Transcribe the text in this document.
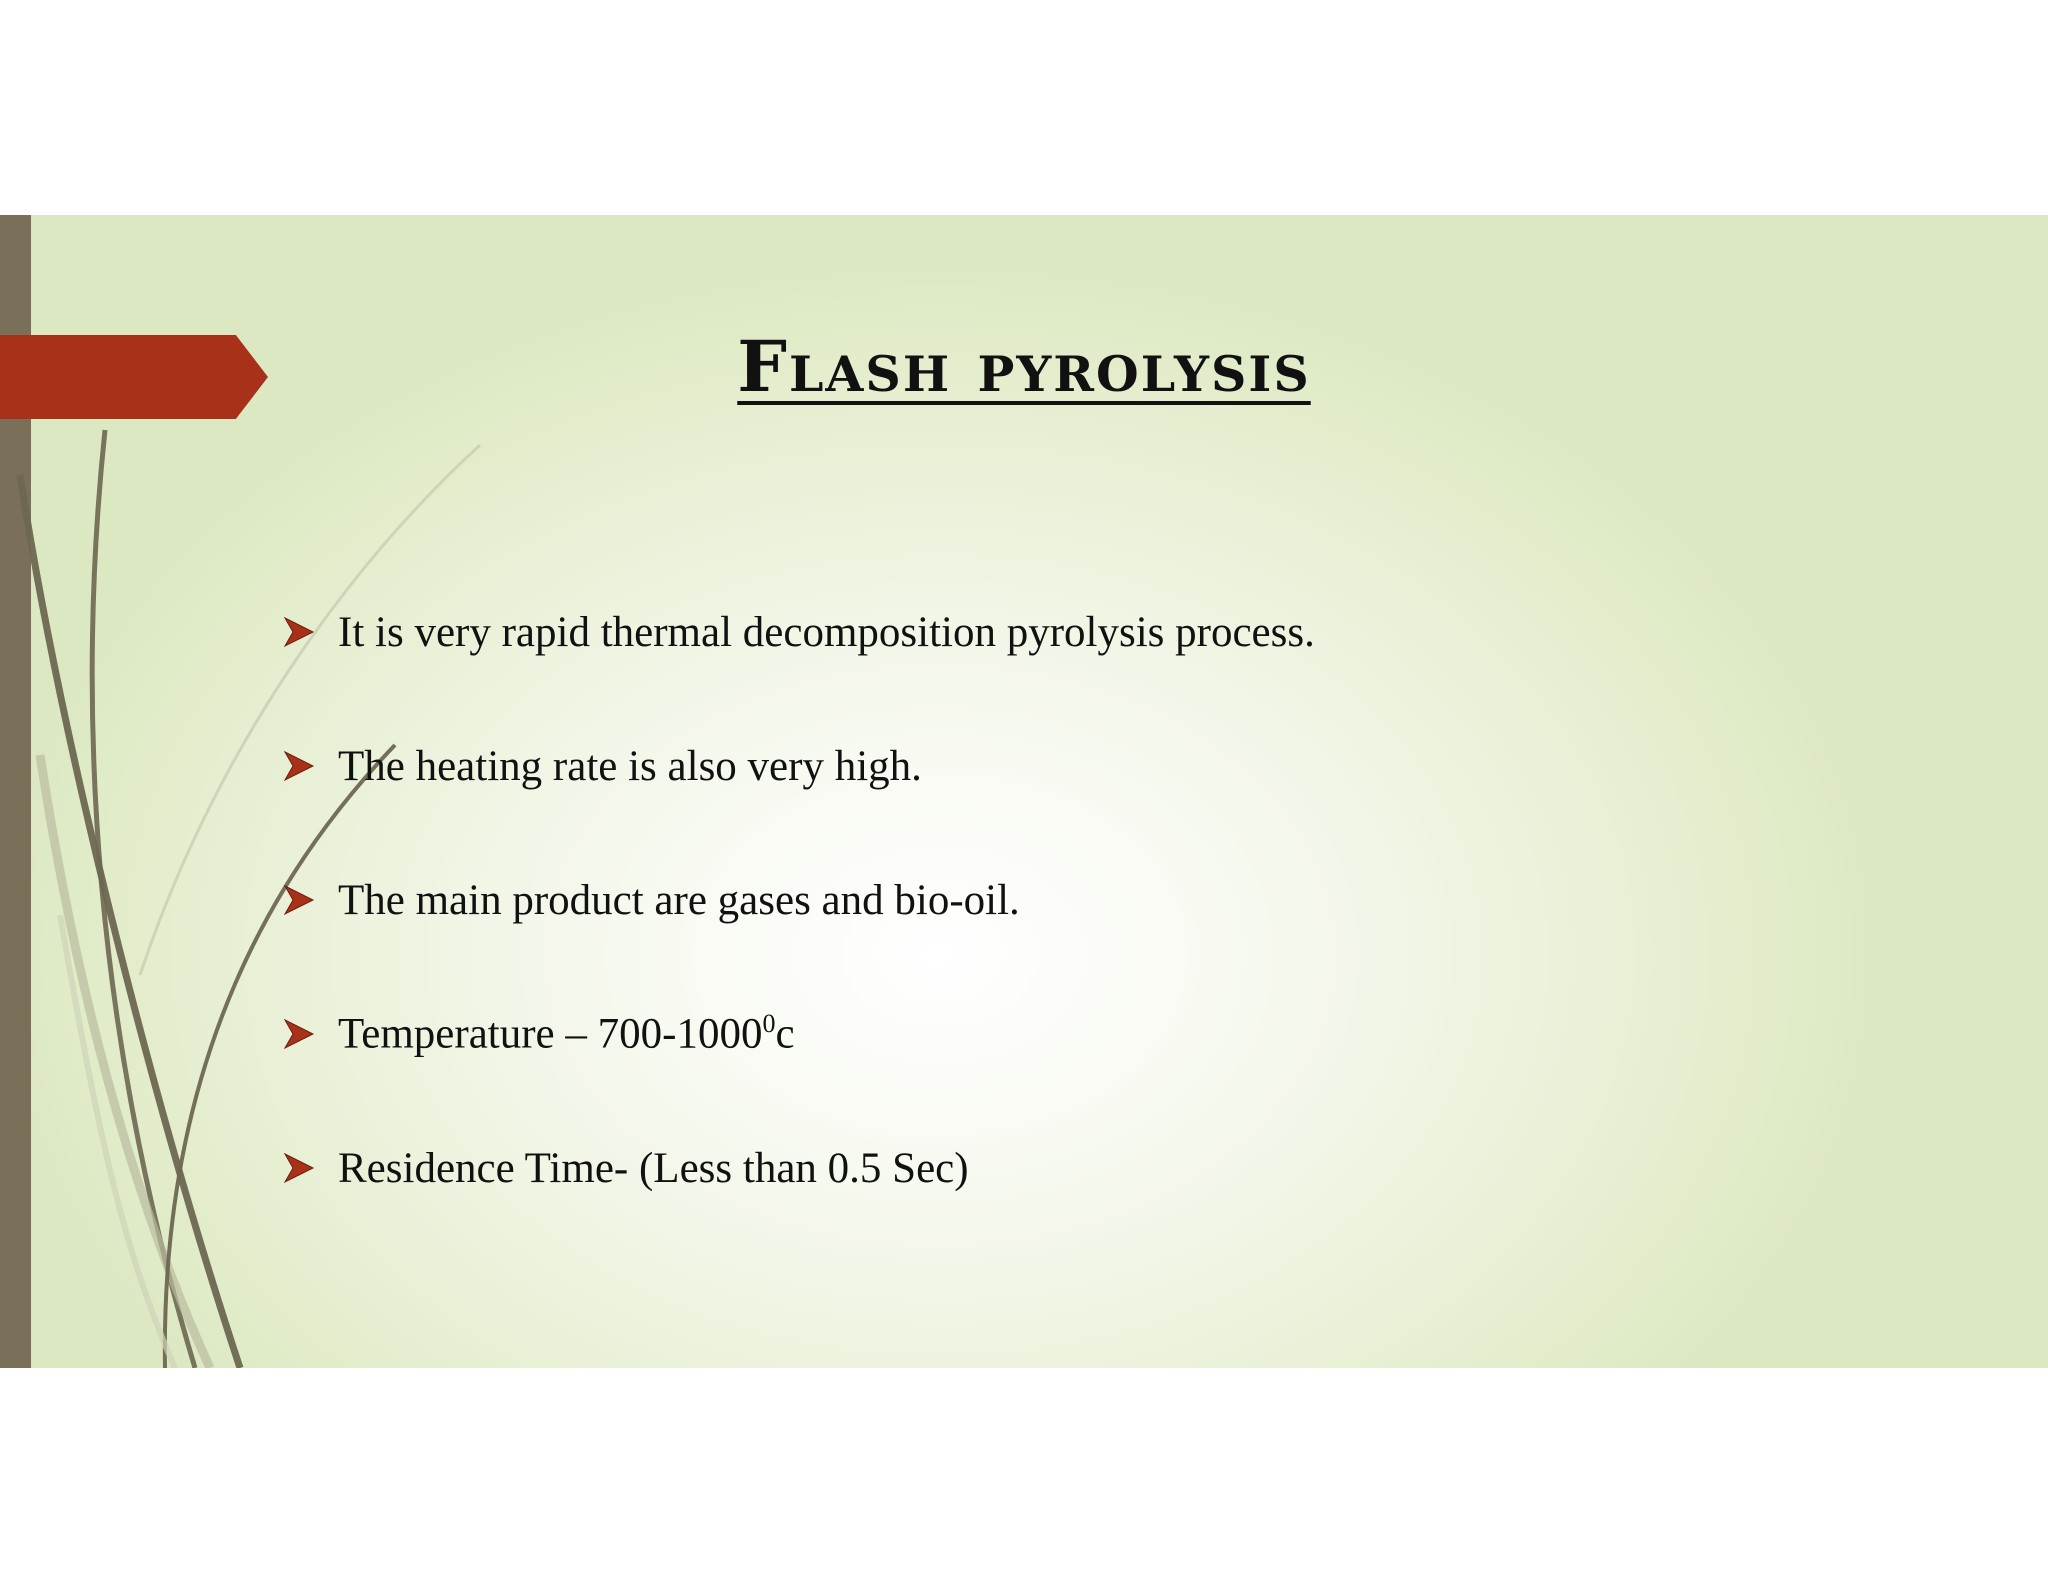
Flash pyrolysis
It is very rapid thermal decomposition pyrolysis process.
The heating rate is also very high.
The main product are gases and bio-oil.
Temperature – 700-1000$^0$c
Residence Time- (Less than 0.5 Sec)
